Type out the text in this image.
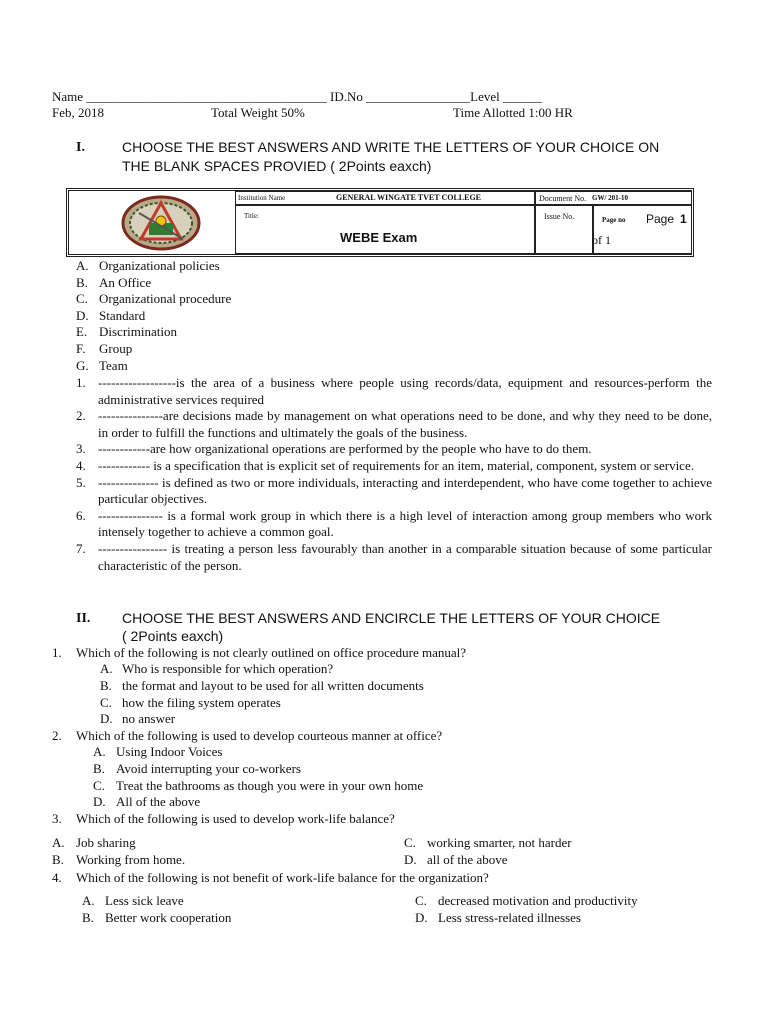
Name _____________________________________ ID.No ________________Level ______
Feb, 2018	Total Weight 50%	Time Allotted 1:00 HR
I.	CHOOSE THE BEST ANSWERS AND WRITE THE LETTERS OF YOUR CHOICE ON
THE BLANK SPACES PROVIED ( 2Points eaxch)
Institution Name	GENERAL WINGATE TVET COLLEGE	Document No. GW/ 201-10
Title:
WEBE Exam
Issue No.	Page no Page 1
of 1
A. Organizational policies
B. An Office
C. Organizational procedure
D. Standard
E. Discrimination
F. Group
G. Team
1. ------------------is the area of a business where people using records/data, equipment and resources-perform the administrative services required
2. ---------------are decisions made by management on what operations need to be done, and why they need to be done, in order to fulfill the functions and ultimately the goals of the business.
3. ------------are how organizational operations are performed by the people who have to do them.
4. ------------ is a specification that is explicit set of requirements for an item, material, component, system or service.
5. -------------- is defined as two or more individuals, interacting and interdependent, who have come together to achieve particular objectives.
6. --------------- is a formal work group in which there is a high level of interaction among group members who work intensely together to achieve a common goal.
7. ---------------- is treating a person less favourably than another in a comparable situation because of some particular characteristic of the person.
II. CHOOSE THE BEST ANSWERS AND ENCIRCLE THE LETTERS OF YOUR CHOICE
( 2Points eaxch)
1. Which of the following is not clearly outlined on office procedure manual?
A. Who is responsible for which operation?
B. the format and layout to be used for all written documents
C. how the filing system operates
D. no answer
2. Which of the following is used to develop courteous manner at office?
A. Using Indoor Voices
B. Avoid interrupting your co-workers
C. Treat the bathrooms as though you were in your own home
D. All of the above
3. Which of the following is used to develop work-life balance?
A. Job sharing
B. Working from home.
C. working smarter, not harder
D. all of the above
4. Which of the following is not benefit of work-life balance for the organization?
A. Less sick leave
B. Better work cooperation
C. decreased motivation and productivity
D. Less stress-related illnesses
